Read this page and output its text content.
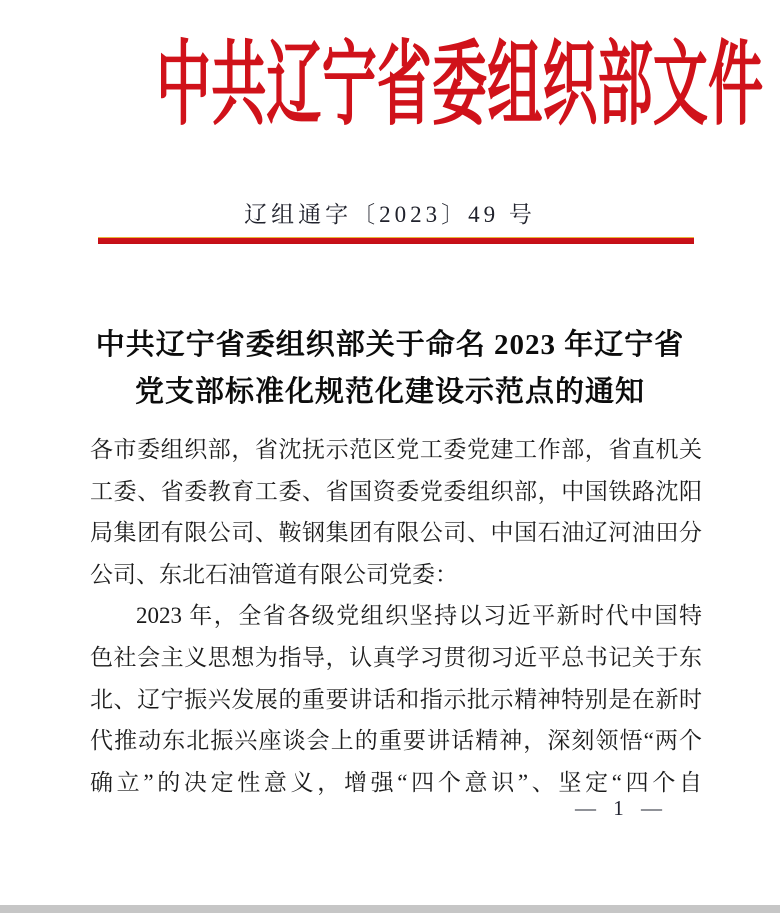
中共辽宁省委组织部文件
辽组通字〔2023〕49 号
中共辽宁省委组织部关于命名 2023 年辽宁省
党支部标准化规范化建设示范点的通知
各市委组织部，省沈抚示范区党工委党建工作部，省直机关
工委、省委教育工委、省国资委党委组织部，中国铁路沈阳
局集团有限公司、鞍钢集团有限公司、中国石油辽河油田分
公司、东北石油管道有限公司党委：
2023 年，全省各级党组织坚持以习近平新时代中国特
色社会主义思想为指导，认真学习贯彻习近平总书记关于东
北、辽宁振兴发展的重要讲话和指示批示精神特别是在新时
代推动东北振兴座谈会上的重要讲话精神，深刻领悟“两个
确立”的决定性意义，增强“四个意识”、坚定“四个自
— 1 —
